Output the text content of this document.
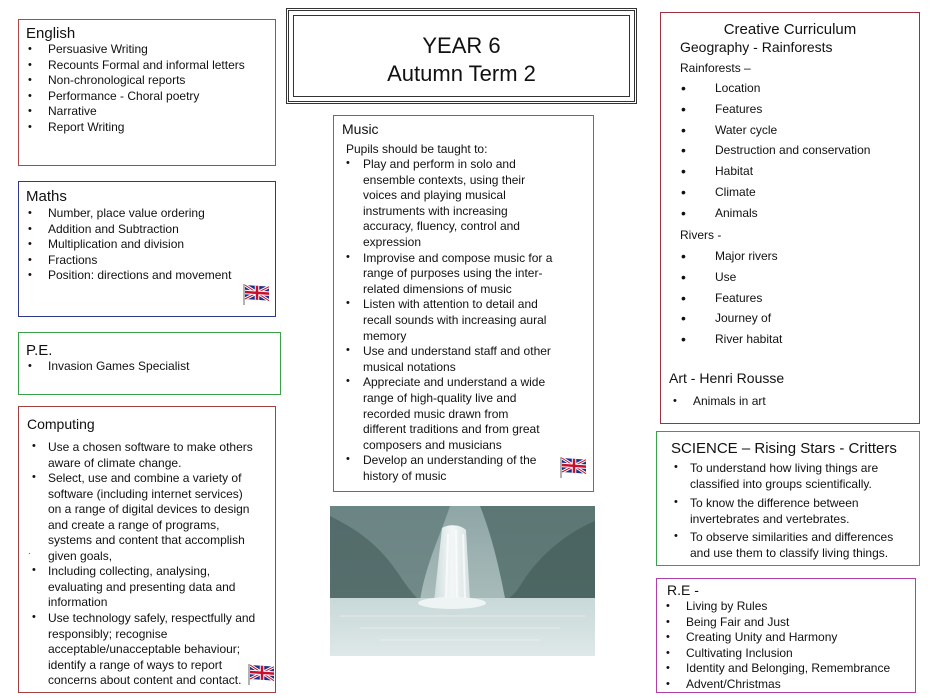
YEAR 6
Autumn Term 2
English
• Persuasive Writing
• Recounts Formal and informal letters
• Non-chronological reports
• Performance - Choral poetry
• Narrative
• Report Writing
Maths
• Number, place value ordering
• Addition and Subtraction
• Multiplication and division
• Fractions
• Position: directions and movement
P.E.
• Invasion Games Specialist
Computing
•
•
·
•
•
Use a chosen software to make others
aware of climate change.
Select, use and combine a variety of
software (including internet services)
on a range of digital devices to design
and create a range of programs,
systems and content that accomplish
given goals,
Including collecting, analysing,
evaluating and presenting data and
information
Use technology safely, respectfully and
responsibly; recognise
acceptable/unacceptable behaviour;
identify a range of ways to report
concerns about content and contact.
Music
Pupils should be taught to:
•
•
•
•
•
•
Play and perform in solo and
ensemble contexts, using their
voices and playing musical
instruments with increasing
accuracy, fluency, control and
expression
Improvise and compose music for a
range of purposes using the inter-
related dimensions of music
Listen with attention to detail and
recall sounds with increasing aural
memory
Use and understand staff and other
musical notations
Appreciate and understand a wide
range of high-quality live and
recorded music drawn from
different traditions and from great
composers and musicians
Develop an understanding of the
history of music
Creative Curriculum
Geography - Rainforests
Rainforests –
• Location
• Features
• Water cycle
• Destruction and conservation
• Habitat
• Climate
• Animals
Rivers -
• Major rivers
• Use
• Features
• Journey of
• River habitat
Art - Henri Rousse
• Animals in art
SCIENCE – Rising Stars - Critters
•
•
•
To understand how living things are
classified into groups scientifically.
To know the difference between
invertebrates and vertebrates.
To observe similarities and differences
and use them to classify living things.
R.E -
• Living by Rules
• Being Fair and Just
• Creating Unity and Harmony
• Cultivating Inclusion
• Identity and Belonging, Remembrance
• Advent/Christmas
